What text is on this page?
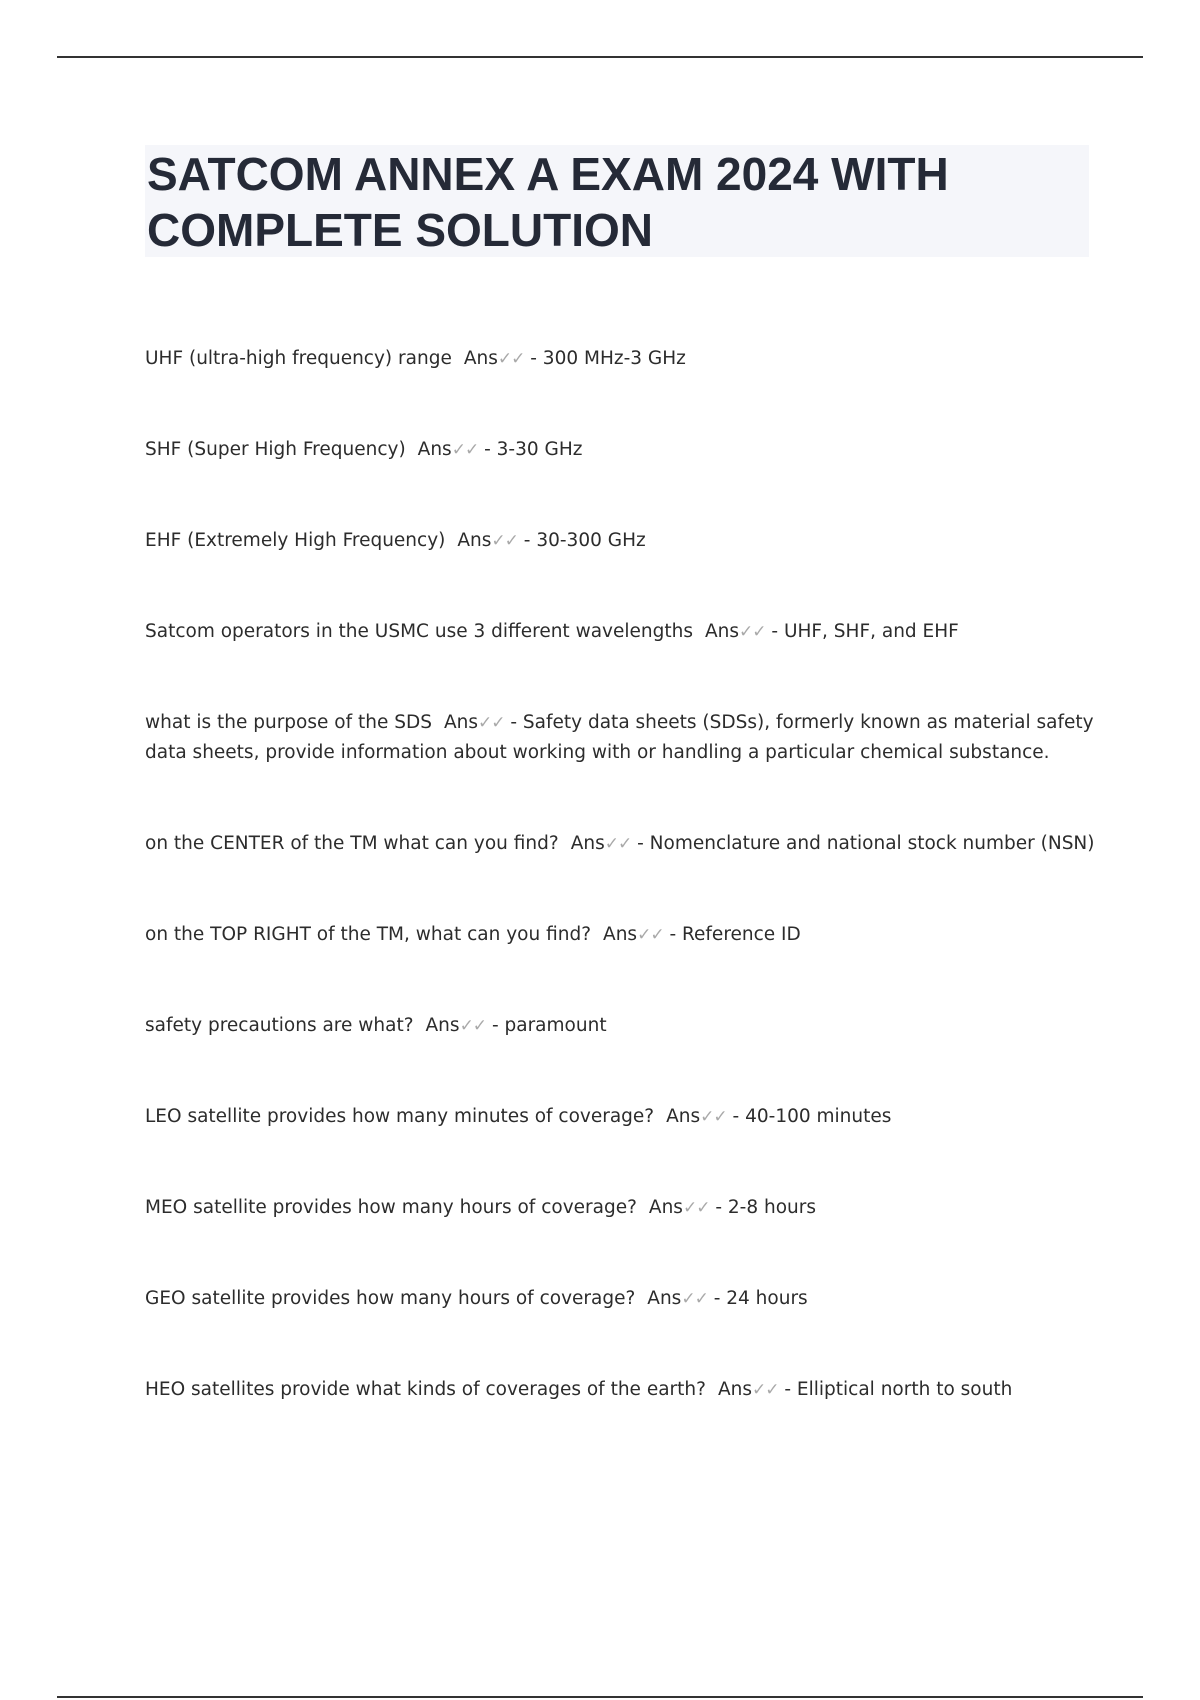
SATCOM ANNEX A EXAM 2024 WITH
COMPLETE SOLUTION

UHF (ultra-high frequency) range Ans✓✓ - 300 MHz-3 GHz

SHF (Super High Frequency) Ans✓✓ - 3-30 GHz

EHF (Extremely High Frequency) Ans✓✓ - 30-300 GHz

Satcom operators in the USMC use 3 different wavelengths Ans✓✓ - UHF, SHF, and EHF

what is the purpose of the SDS Ans✓✓ - Safety data sheets (SDSs), formerly known as material safety data sheets, provide information about working with or handling a particular chemical substance.

on the CENTER of the TM what can you find? Ans✓✓ - Nomenclature and national stock number (NSN)

on the TOP RIGHT of the TM, what can you find? Ans✓✓ - Reference ID

safety precautions are what? Ans✓✓ - paramount

LEO satellite provides how many minutes of coverage? Ans✓✓ - 40-100 minutes

MEO satellite provides how many hours of coverage? Ans✓✓ - 2-8 hours

GEO satellite provides how many hours of coverage? Ans✓✓ - 24 hours

HEO satellites provide what kinds of coverages of the earth? Ans✓✓ - Elliptical north to south
